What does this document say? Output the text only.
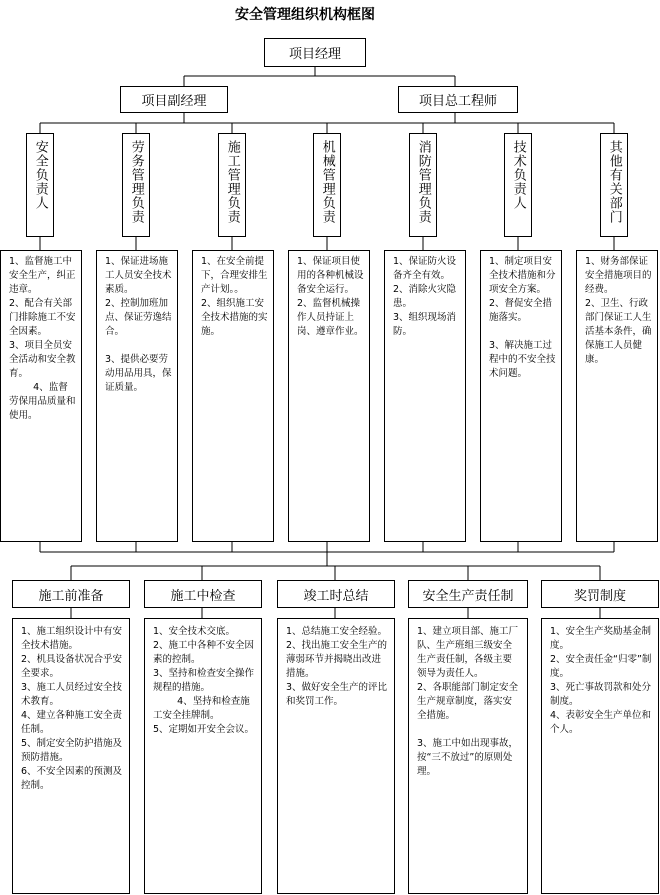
安全管理组织机构框图
项目经理
项目副经理	项目总工程师
安全负责人	劳务管理负责	施工管理负责	机械管理负责	消防管理负责	技术负责人	其他有关部门
1、监督施工中安全生产，纠正违章。
2、配合有关部门排除施工不安全因素。
3、项目全员安全活动和安全教育。
4、监督劳保用品质量和使用。
1、保证进场施工人员安全技术素质。
2、控制加班加点、保证劳逸结合。

3、提供必要劳动用品用具，保证质量。
1、在安全前提下，合理安排生产计划。。
2、组织施工安全技术措施的实施。
1、保证项目使用的各种机械设备安全运行。
2、监督机械操作人员持证上岗、遵章作业。
1、保证防火设备齐全有效。
2、消除火灾隐患。
3、组织现场消防。
1、制定项目安全技术措施和分项安全方案。
2、督促安全措施落实。

3、解决施工过程中的不安全技术问题。
1、财务部保证安全措施项目的经费。
2、卫生、行政部门保证工人生活基本条件，确保施工人员健康。
施工前准备	施工中检查	竣工时总结	安全生产责任制	奖罚制度
1、施工组织设计中有安全技术措施。
2、机具设备状况合乎安全要求。
3、施工人员经过安全技术教育。
4、建立各种施工安全责任制。
5、制定安全防护措施及预防措施。
6、不安全因素的预测及控制。
1、安全技术交底。
2、施工中各种不安全因素的控制。
3、坚持和检查安全操作规程的措施。
4、坚持和检查施工安全挂牌制。             5、定期如开安全会议。
1、总结施工安全经验。
2、找出施工安全生产的薄弱环节并揭晓出改进措施。
3、做好安全生产的评比和奖罚工作。
1、建立项目部、施工厂队、生产班组三级安全生产责任制，各级主要领导为责任人。
2、各职能部门制定安全生产规章制度，落实安全措施。

3、施工中如出现事故，按“三不放过”的原则处理。
1、安全生产奖励基金制度。
2、安全责任金“归零”制度。
3、死亡事故罚款和处分制度。
4、表彰安全生产单位和个人。
